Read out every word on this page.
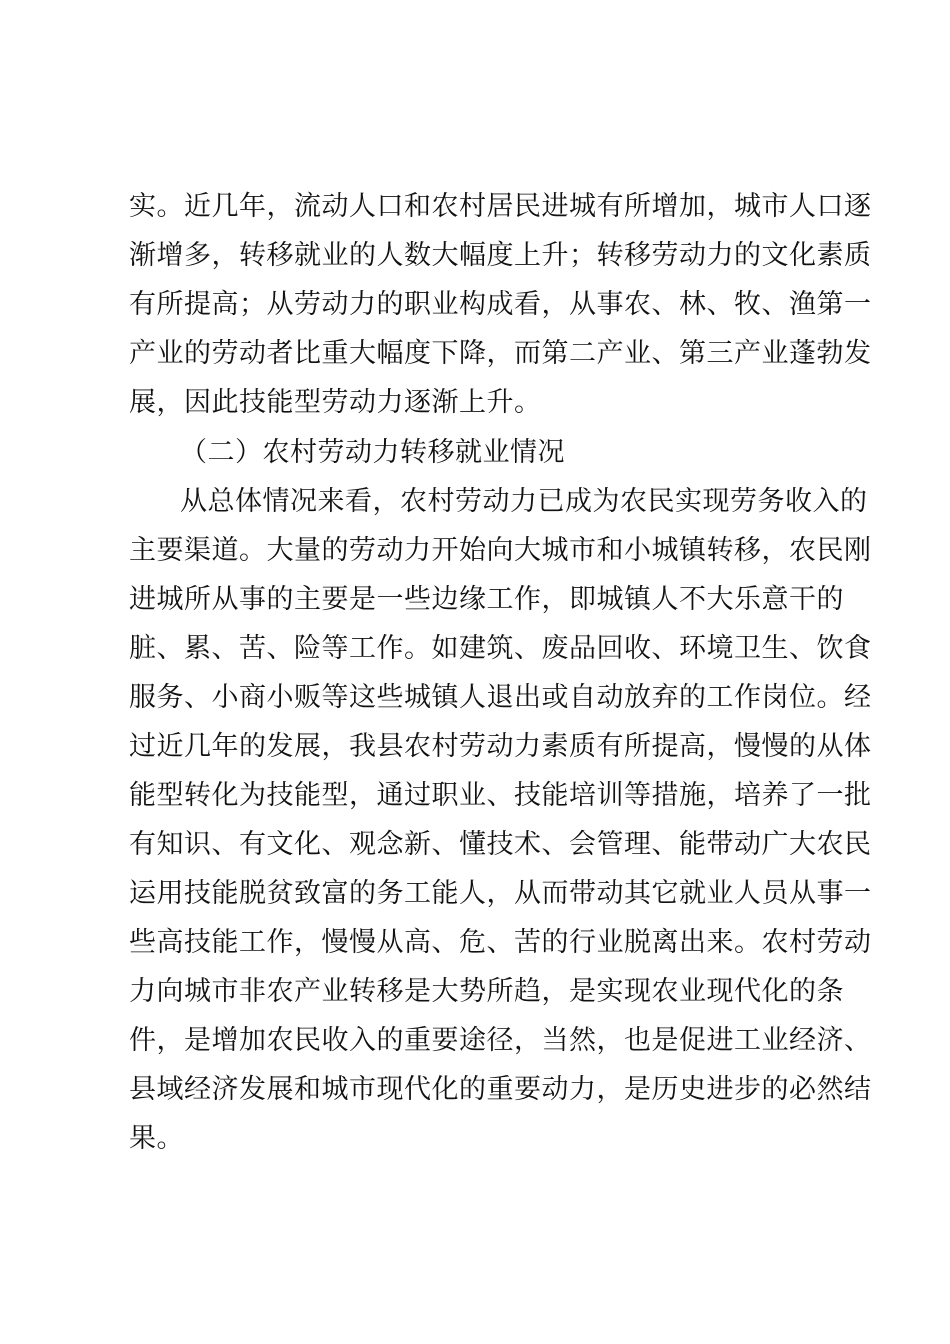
实。近几年，流动人口和农村居民进城有所增加，城市人口逐
渐增多，转移就业的人数大幅度上升；转移劳动力的文化素质
有所提高；从劳动力的职业构成看，从事农、林、牧、渔第一
产业的劳动者比重大幅度下降，而第二产业、第三产业蓬勃发
展，因此技能型劳动力逐渐上升。
（二）农村劳动力转移就业情况
从总体情况来看，农村劳动力已成为农民实现劳务收入的
主要渠道。大量的劳动力开始向大城市和小城镇转移，农民刚
进城所从事的主要是一些边缘工作，即城镇人不大乐意干的
脏、累、苦、险等工作。如建筑、废品回收、环境卫生、饮食
服务、小商小贩等这些城镇人退出或自动放弃的工作岗位。经
过近几年的发展，我县农村劳动力素质有所提高，慢慢的从体
能型转化为技能型，通过职业、技能培训等措施，培养了一批
有知识、有文化、观念新、懂技术、会管理、能带动广大农民
运用技能脱贫致富的务工能人，从而带动其它就业人员从事一
些高技能工作，慢慢从高、危、苦的行业脱离出来。农村劳动
力向城市非农产业转移是大势所趋，是实现农业现代化的条
件，是增加农民收入的重要途径，当然，也是促进工业经济、
县域经济发展和城市现代化的重要动力，是历史进步的必然结
果。
